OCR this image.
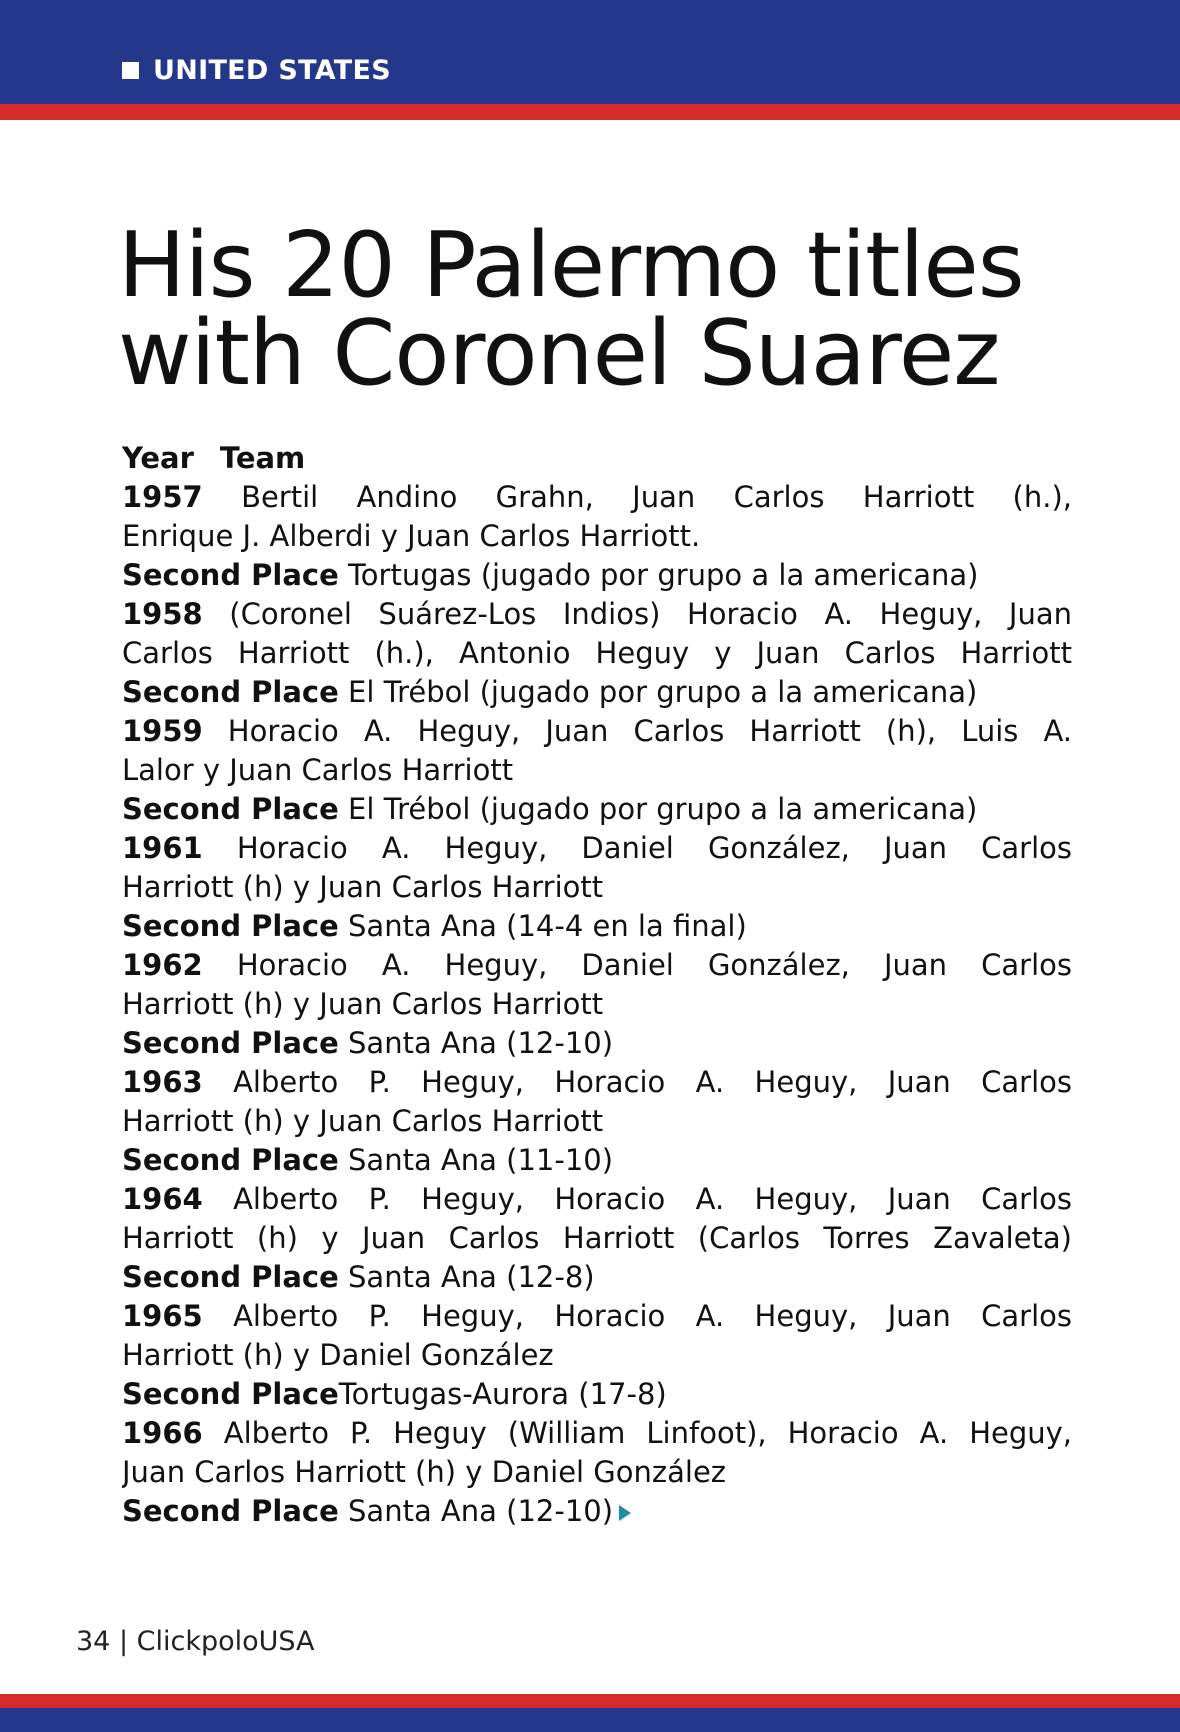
UNITED STATES
His 20 Palermo titles
with Coronel Suarez
Year Team
1957 Bertil Andino Grahn, Juan Carlos Harriott (h.),
Enrique J. Alberdi y Juan Carlos Harriott.
Second Place Tortugas (jugado por grupo a la americana)
1958 (Coronel Suárez-Los Indios) Horacio A. Heguy, Juan
Carlos Harriott (h.), Antonio Heguy y Juan Carlos Harriott
Second Place El Trébol (jugado por grupo a la americana)
1959 Horacio A. Heguy, Juan Carlos Harriott (h), Luis A.
Lalor y Juan Carlos Harriott
Second Place El Trébol (jugado por grupo a la americana)
1961 Horacio A. Heguy, Daniel González, Juan Carlos
Harriott (h) y Juan Carlos Harriott
Second Place Santa Ana (14-4 en la final)
1962 Horacio A. Heguy, Daniel González, Juan Carlos
Harriott (h) y Juan Carlos Harriott
Second Place Santa Ana (12-10)
1963 Alberto P. Heguy, Horacio A. Heguy, Juan Carlos
Harriott (h) y Juan Carlos Harriott
Second Place Santa Ana (11-10)
1964 Alberto P. Heguy, Horacio A. Heguy, Juan Carlos
Harriott (h) y Juan Carlos Harriott (Carlos Torres Zavaleta)
Second Place Santa Ana (12-8)
1965 Alberto P. Heguy, Horacio A. Heguy, Juan Carlos
Harriott (h) y Daniel González
Second PlaceTortugas-Aurora (17-8)
1966 Alberto P. Heguy (William Linfoot), Horacio A. Heguy,
Juan Carlos Harriott (h) y Daniel González
Second Place Santa Ana (12-10)
34 | ClickpoloUSA
